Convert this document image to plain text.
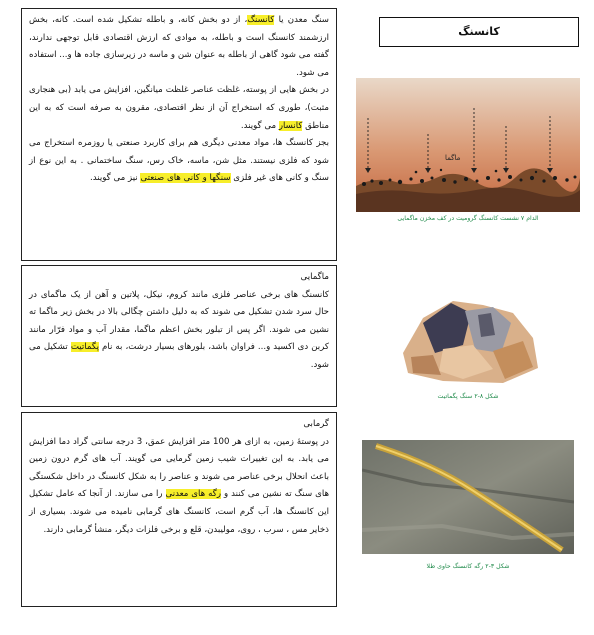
سنگ معدن یا کانسنگ، از دو بخش کانه، و باطله تشکیل شده است. کانه، بخش ارزشمند کانسنگ است و باطله، به موادی که ارزش اقتصادی قابل توجهی ندارند، گفته می شود گاهی از باطله به عنوان شن و ماسه در زیرسازی جاده ها و... استفاده می شود.
در بخش هایی از پوسته، غلظت عناصر غلظت میانگین، افزایش می یابد (بی هنجاری مثبت)، طوری که استخراج آن از نظر اقتصادی، مقرون به صرفه است که به این مناطق کانسار می گویند.
بجز کانسنگ ها، مواد معدنی دیگری هم برای کاربرد صنعتی یا روزمره استخراج می شود که فلزی نیستند. مثل شن، ماسه، خاک رس، سنگ ساختمانی . به این نوع از سنگ و کانی های غیر فلزی سنگها و کانی های صنعتی نیز می گویند.
ماگمایی
کانسنگ های برخی عناصر فلزی مانند کروم، نیکل، پلاتین و آهن از یک ماگمای در حال سرد شدن تشکیل می شوند که به دلیل داشتن چگالی بالا در بخش زیر ماگما ته نشین می شوند. اگر پس از تبلور بخش اعظم ماگما، مقدار آب و مواد فرّار مانند کربن دی اکسید و... فراوان باشد، بلورهای بسیار درشت، به نام پگماتیت تشکیل می شود.
گرمابی
در پوستهٔ زمین، به ازای هر 100 متر افزایش عمق، 3 درجه سانتی گراد دما افزایش می یابد. به این تغییرات شیب زمین گرمایی می گویند. آب های گرم درون زمین باعث انحلال برخی عناصر می شوند و عناصر را به شکل کانسنگ در داخل شکستگی های سنگ ته نشین می کنند و رگه های معدنی را می سازند. از آنجا که عامل تشکیل این کانسنگ ها، آب گرم است، کانسنگ های گرمابی نامیده می شوند. بسیاری از ذخایر مس ، سرب ، روی، مولیبدن، قلع و برخی فلزات دیگر، منشأ گرمابی دارند.
کانسنگ
ماگما
الدام ۷ نشست کانسنگ گرومیت در کف مخزن ماگمایی
شکل ۸-۲ سنگ پگماتیت
شکل ۳-۲ رگه کانسنگ حاوی طلا
